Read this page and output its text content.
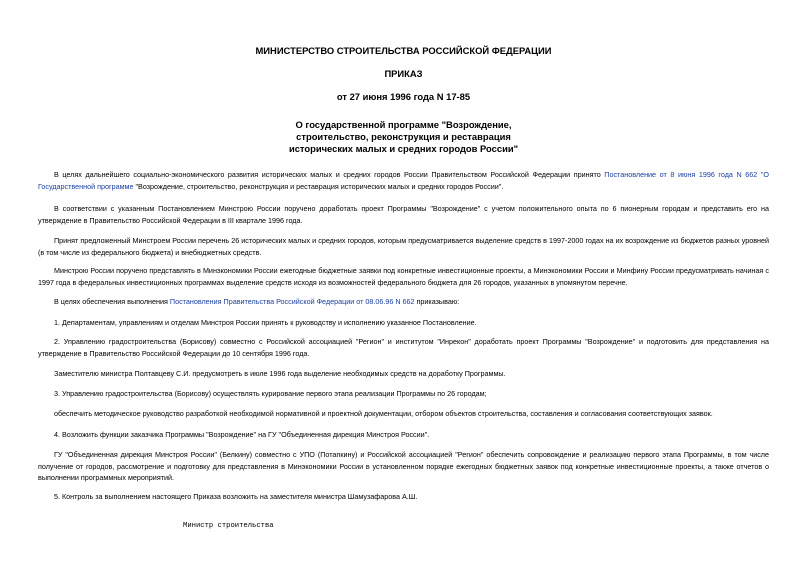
МИНИСТЕРСТВО СТРОИТЕЛЬСТВА РОССИЙСКОЙ ФЕДЕРАЦИИ
ПРИКАЗ
от 27 июня 1996 года N 17-85
О государственной программе "Возрождение,
строительство, реконструкция и реставрация
исторических малых и средних городов России"
В целях дальнейшего социально-экономического развития исторических малых и средних городов России Правительством Российской Федерации принято Постановление от 8 июня 1996 года N 662 "О Государственной программе "Возрождение, строительство, реконструкция и реставрация исторических малых и средних городов России".
В соответствии с указанным Постановлением Минстрою России поручено доработать проект Программы "Возрождение" с учетом положительного опыта по 6 пионерным городам и представить его на утверждение в Правительство Российской Федерации в III квартале 1996 года.
Принят предложенный Минстроем России перечень 26 исторических малых и средних городов, которым предусматривается выделение средств в 1997-2000 годах на их возрождение из бюджетов разных уровней (в том числе из федерального бюджета) и внебюджетных средств.
Минстрою России поручено представлять в Минэкономики России ежегодные бюджетные заявки под конкретные инвестиционные проекты, а Минэкономики России и Минфину России предусматривать начиная с 1997 года в федеральных инвестиционных программах выделение средств исходя из возможностей федерального бюджета для 26 городов, указанных в упомянутом перечне.
В целях обеспечения выполнения Постановления Правительства Российской Федерации от 08.06.96 N 662 приказываю:
1. Департаментам, управлениям и отделам Минстроя России принять к руководству и исполнению указанное Постановление.
2. Управлению градостроительства (Борисову) совместно с Российской ассоциацией "Регион" и институтом "Инрекон" доработать проект Программы "Возрождение" и подготовить для представления на утверждение в Правительство Российской Федерации до 10 сентября 1996 года.
Заместителю министра Полтавцеву С.И. предусмотреть в июле 1996 года выделение необходимых средств на доработку Программы.
3. Управлению градостроительства (Борисову) осуществлять курирование первого этапа реализации Программы по 26 городам;
обеспечить методическое руководство разработкой необходимой нормативной и проектной документации, отбором объектов строительства, составления и согласования соответствующих заявок.
4. Возложить функции заказчика Программы "Возрождение" на ГУ "Объединенная дирекция Минстроя России".
ГУ "Объединенная дирекция Минстроя России" (Белкину) совместно с УПО (Потапкину) и Российской ассоциацией "Регион" обеспечить сопровождение и реализацию первого этапа Программы, в том числе получение от городов, рассмотрение и подготовку для представления в Минэкономики России в установленном порядке ежегодных бюджетных заявок под конкретные инвестиционные проекты, а также отчетов о выполнении программных мероприятий.
5. Контроль за выполнением настоящего Приказа возложить на заместителя министра Шамузафарова А.Ш.
Министр строительства
